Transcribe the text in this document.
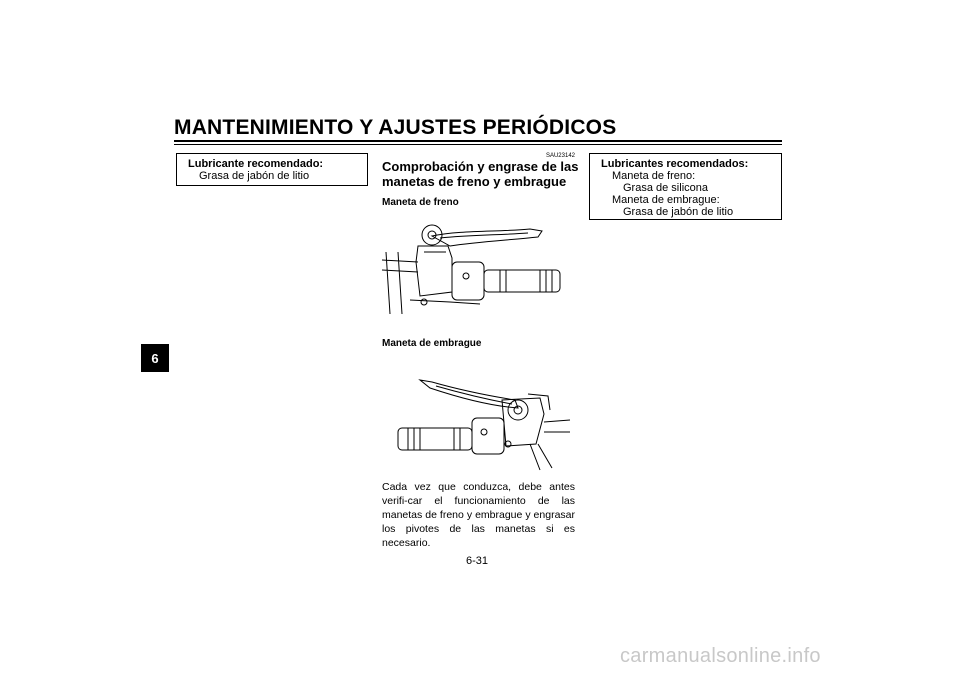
MANTENIMIENTO Y AJUSTES PERIÓDICOS
6
Lubricante recomendado:
Grasa de jabón de litio
SAU23142
Comprobación y engrase de las manetas de freno y embrague
Maneta de freno
Maneta de embrague
Cada vez que conduzca, debe antes verifi-car el funcionamiento de las manetas de freno y embrague y engrasar los pivotes de las manetas si es necesario.
Lubricantes recomendados:
Maneta de freno:
Grasa de silicona
Maneta de embrague:
Grasa de jabón de litio
6-31
carmanualsonline.info
